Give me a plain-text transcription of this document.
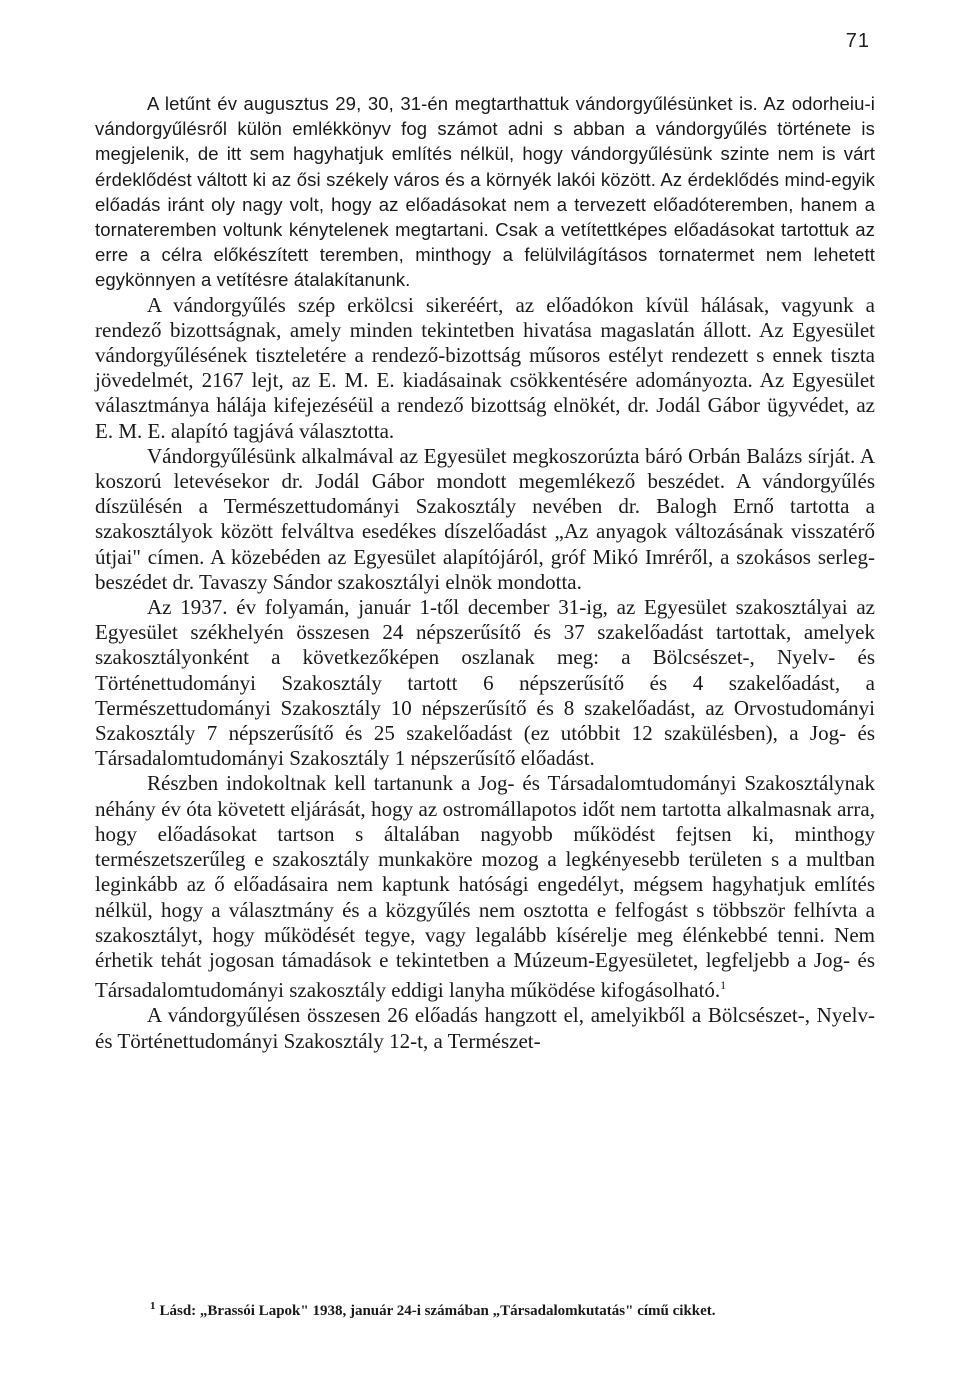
71

A letűnt év augusztus 29, 30, 31-én megtarthattuk vándorgyűlésünket is. Az odorheiu-i vándorgyűlésről külön emlékkönyv fog számot adni s abban a vándorgyűlés története is megjelenik, de itt sem hagyhatjuk említés nélkül, hogy vándorgyűlésünk szinte nem is várt érdeklődést váltott ki az ősi székely város és a környék lakói között. Az érdeklődés mind-egyik előadás iránt oly nagy volt, hogy az előadásokat nem a tervezett előadóteremben, hanem a tornateremben voltunk kénytelenek megtartani. Csak a vetítettképes előadásokat tartottuk az erre a célra előkészített teremben, minthogy a felülvilágításos tornatermet nem lehetett egykönnyen a vetítésre átalakítanunk.

A vándorgyűlés szép erkölcsi sikeréért, az előadókon kívül hálásak, vagyunk a rendező bizottságnak, amely minden tekintetben hivatása magaslatán állott. Az Egyesület vándorgyűlésének tiszteletére a rendező-bizottság műsoros estélyt rendezett s ennek tiszta jövedelmét, 2167 lejt, az E. M. E. kiadásainak csökkentésére adományozta. Az Egyesület választmánya hálája kifejezéséül a rendező bizottság elnökét, dr. Jodál Gábor ügyvédet, az E. M. E. alapító tagjává választotta.

Vándorgyűlésünk alkalmával az Egyesület megkoszorúzta báró Orbán Balázs sírját. A koszorú letevésekor dr. Jodál Gábor mondott megemlékező beszédet. A vándorgyűlés díszülésén a Természettudományi Szakosztály nevében dr. Balogh Ernő tartotta a szakosztályok között felváltva esedékes díszelőadást „Az anyagok változásának visszatérő útjai" címen. A közebéden az Egyesület alapítójáról, gróf Mikó Imréről, a szokásos serleg-beszédet dr. Tavaszy Sándor szakosztályi elnök mondotta.

Az 1937. év folyamán, január 1-től december 31-ig, az Egyesület szakosztályai az Egyesület székhelyén összesen 24 népszerűsítő és 37 szakelőadást tartottak, amelyek szakosztályonként a következőképen oszlanak meg: a Bölcsészet-, Nyelv- és Történettudományi Szakosztály tartott 6 népszerűsítő és 4 szakelőadást, a Természettudományi Szakosztály 10 népszerűsítő és 8 szakelőadást, az Orvostudományi Szakosztály 7 népszerűsítő és 25 szakelőadást (ez utóbbit 12 szakülésben), a Jog- és Társadalomtudományi Szakosztály 1 népszerűsítő előadást.

Részben indokoltnak kell tartanunk a Jog- és Társadalomtudományi Szakosztálynak néhány év óta követett eljárását, hogy az ostromállapotos időt nem tartotta alkalmasnak arra, hogy előadásokat tartson s általában nagyobb működést fejtsen ki, minthogy természetszerűleg e szakosztály munkaköre mozog a legkényesebb területen s a multban leginkább az ő előadásaira nem kaptunk hatósági engedélyt, mégsem hagyhatjuk említés nélkül, hogy a választmány és a közgyűlés nem osztotta e felfogást s többször felhívta a szakosztályt, hogy működését tegye, vagy legalább kísérelje meg élénkebbé tenni. Nem érhetik tehát jogosan támadások e tekintetben a Múzeum-Egyesületet, legfeljebb a Jog- és Társadalomtudományi szakosztály eddigi lanyha működése kifogásolható.$^1$

A vándorgyűlésen összesen 26 előadás hangzott el, amelyikből a Bölcsészet-, Nyelv- és Történettudományi Szakosztály 12-t, a Természet-

$^1$ Lásd: „Brassói Lapok" 1938, január 24-i számában „Társadalomkutatás" című cikket.
